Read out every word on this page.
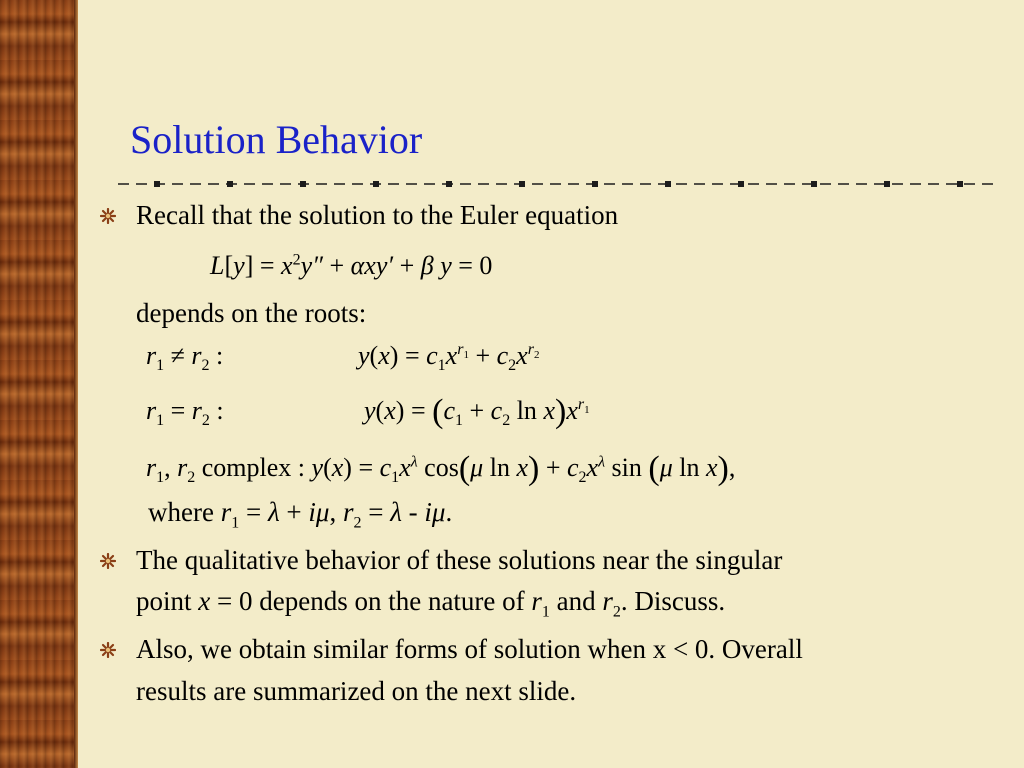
Solution Behavior
Recall that the solution to the Euler equation
$L[y] = x^2y'' + \alpha xy' + \beta$ y = 0
depends on the roots:
$r_1 \ne r_2$ :	$y(x) = c_1x^{r_1} + c_2x^{r_2}$
$r_1 = r_2$ :	$y(x) = (c_1 + c_2$ $\ln x)x^{r_1}$
$r_1$, $r_2$ complex : $y(x) = c_1x^\lambda$ cos(μ $\ln x) + c_2x^\lambda$ sin (μ ln x),
where $r_1 = \lambda + i\mu$, $r_2 = \lambda - i\mu$.
The qualitative behavior of these solutions near the singular
point x = 0 depends on the nature of $r_1$ and $r_2$. Discuss.
Also, we obtain similar forms of solution when x < 0. Overall
results are summarized on the next slide.
